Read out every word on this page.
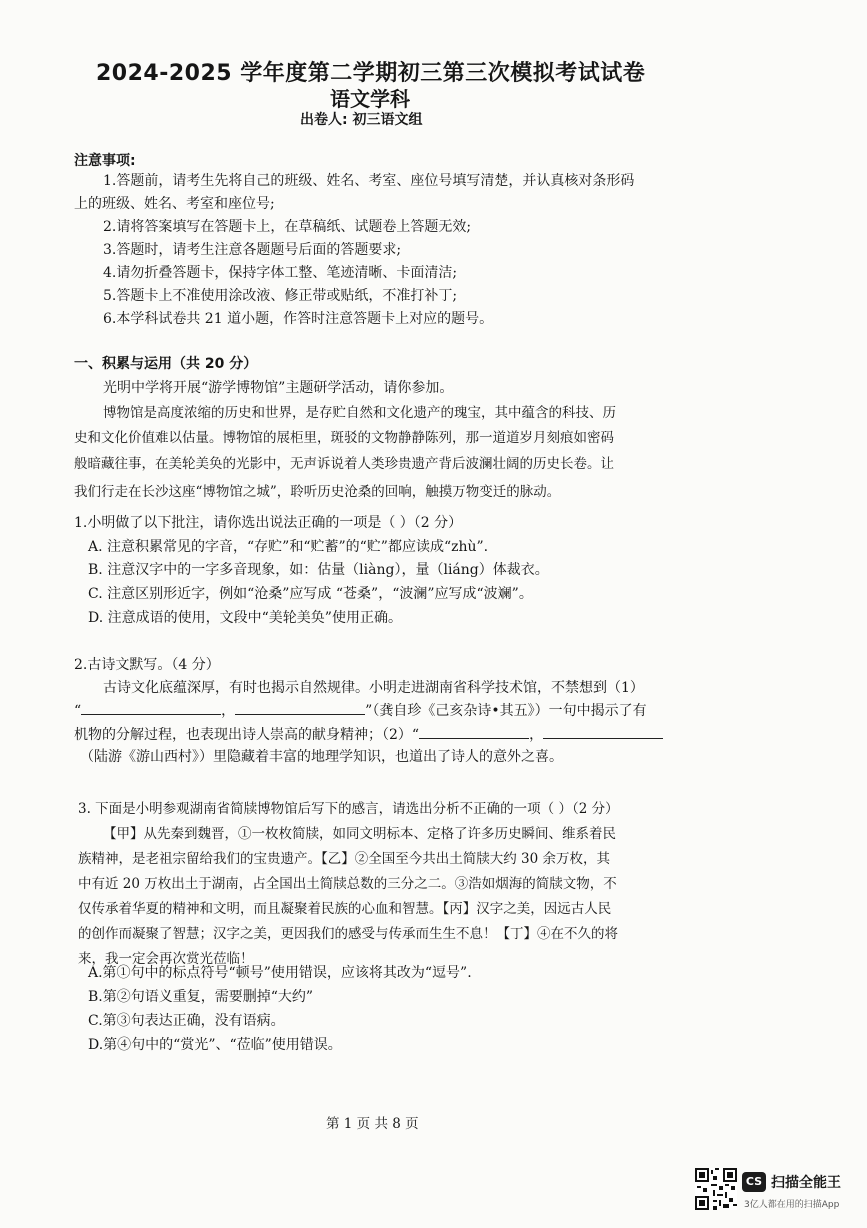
2024-2025 学年度第二学期初三第三次模拟考试试卷
语文学科
出卷人: 初三语文组
注意事项:
1.答题前，请考生先将自己的班级、姓名、考室、座位号填写清楚，并认真核对条形码
上的班级、姓名、考室和座位号;
2.请将答案填写在答题卡上，在草稿纸、试题卷上答题无效;
3.答题时，请考生注意各题题号后面的答题要求;
4.请勿折叠答题卡，保持字体工整、笔迹清晰、卡面清洁;
5.答题卡上不准使用涂改液、修正带或贴纸，不准打补丁;
6.本学科试卷共 21 道小题，作答时注意答题卡上对应的题号。
一、积累与运用（共 20 分）
光明中学将开展“游学博物馆”主题研学活动，请你参加。
博物馆是高度浓缩的历史和世界，是存贮自然和文化遗产的瑰宝，其中蕴含的科技、历
史和文化价值难以估量。博物馆的展柜里，斑驳的文物静静陈列，那一道道岁月刻痕如密码
般暗藏往事，在美轮美奂的光影中，无声诉说着人类珍贵遗产背后波澜壮阔的历史长卷。让
我们行走在长沙这座“博物馆之城”，聆听历史沧桑的回响，触摸万物变迁的脉动。
1.小明做了以下批注，请你选出说法正确的一项是（ ）（2 分）
A. 注意积累常见的字音，“存贮”和“贮蓄”的“贮”都应读成“zhù”.
B. 注意汉字中的一字多音现象，如：估量（liàng），量（liáng）体裁衣。
C. 注意区别形近字，例如“沧桑”应写成 “苍桑”，“波澜”应写成“波斓”。
D. 注意成语的使用，文段中“美轮美奂”使用正确。
2.古诗文默写。（4 分）
古诗文化底蕴深厚，有时也揭示自然规律。小明走进湖南省科学技术馆，不禁想到（1）
“	，	”（龚自珍《己亥杂诗•其五》）一句中揭示了有
机物的分解过程，也表现出诗人崇高的献身精神；（2）“	，
（陆游《游山西村》）里隐藏着丰富的地理学知识，也道出了诗人的意外之喜。
3. 下面是小明参观湖南省简牍博物馆后写下的感言，请选出分析不正确的一项（ ）（2 分）
【甲】从先秦到魏晋，①一枚枚简牍，如同文明标本、定格了许多历史瞬间、维系着民
族精神，是老祖宗留给我们的宝贵遗产。【乙】②全国至今共出土简牍大约 30 余万枚，其
中有近 20 万枚出土于湖南，占全国出土简牍总数的三分之二。③浩如烟海的简牍文物，不
仅传承着华夏的精神和文明，而且凝聚着民族的心血和智慧。【丙】汉字之美，因远古人民
的创作而凝聚了智慧；汉字之美，更因我们的感受与传承而生生不息！【丁】④在不久的将
来，我一定会再次赏光莅临！
A.第①句中的标点符号“顿号”使用错误，应该将其改为“逗号”.
B.第②句语义重复，需要删掉“大约”
C.第③句表达正确，没有语病。
D.第④句中的“赏光”、“莅临”使用错误。
第 1 页 共 8 页
CS 扫描全能王
3亿人都在用的扫描App
